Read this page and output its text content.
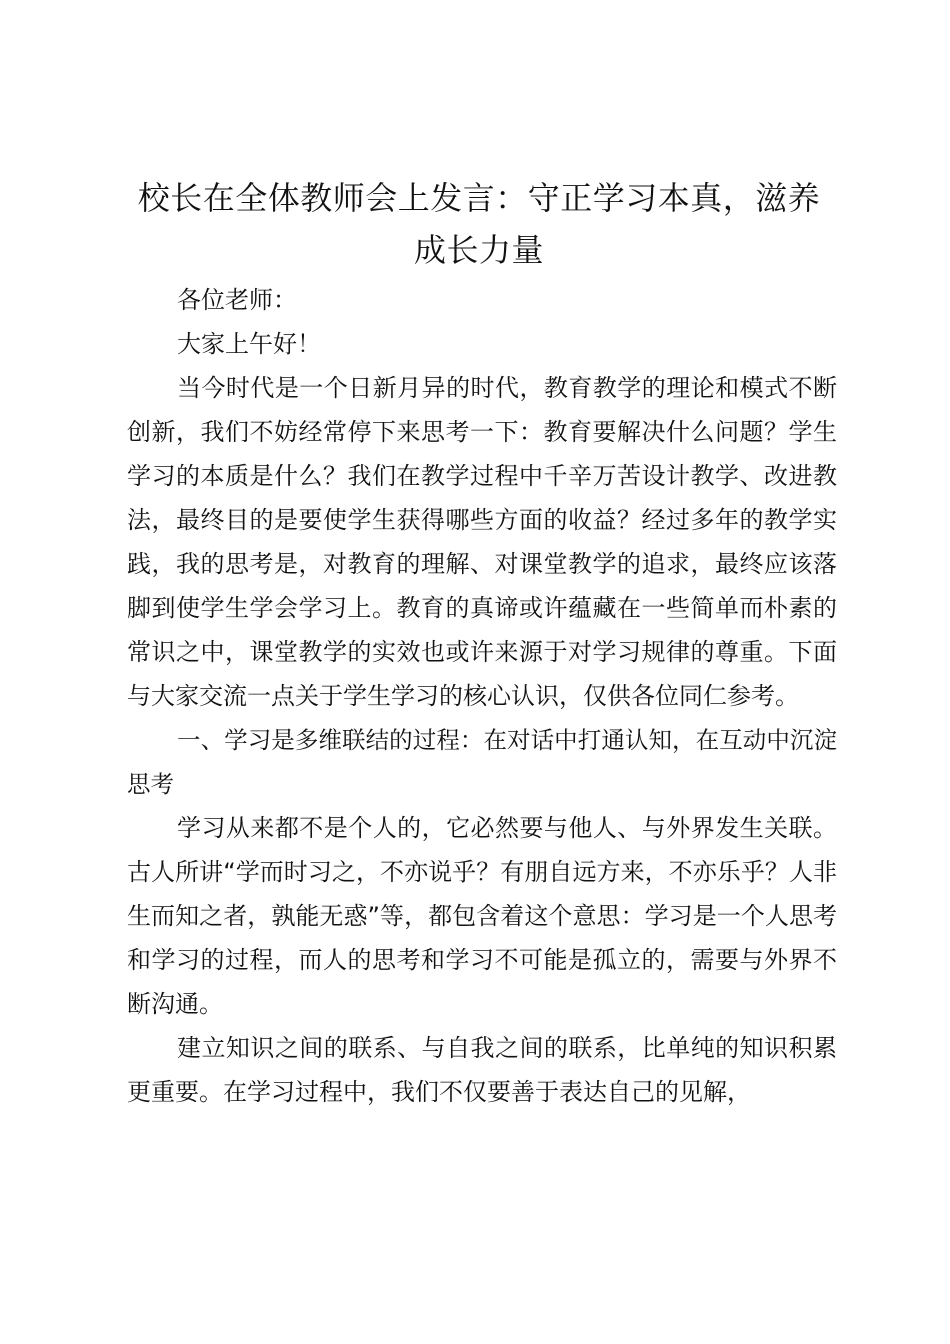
校长在全体教师会上发言：守正学习本真，滋养成长力量

各位老师：

大家上午好！

当今时代是一个日新月异的时代，教育教学的理论和模式不断创新，我们不妨经常停下来思考一下：教育要解决什么问题？学生学习的本质是什么？我们在教学过程中千辛万苦设计教学、改进教法，最终目的是要使学生获得哪些方面的收益？经过多年的教学实践，我的思考是，对教育的理解、对课堂教学的追求，最终应该落脚到使学生学会学习上。教育的真谛或许蕴藏在一些简单而朴素的常识之中，课堂教学的实效也或许来源于对学习规律的尊重。下面与大家交流一点关于学生学习的核心认识，仅供各位同仁参考。

一、学习是多维联结的过程：在对话中打通认知，在互动中沉淀思考

学习从来都不是个人的，它必然要与他人、与外界发生关联。古人所讲“学而时习之，不亦说乎？有朋自远方来，不亦乐乎？人非生而知之者，孰能无惑”等，都包含着这个意思：学习是一个人思考和学习的过程，而人的思考和学习不可能是孤立的，需要与外界不断沟通。

建立知识之间的联系、与自我之间的联系，比单纯的知识积累更重要。在学习过程中，我们不仅要善于表达自己的见解，
